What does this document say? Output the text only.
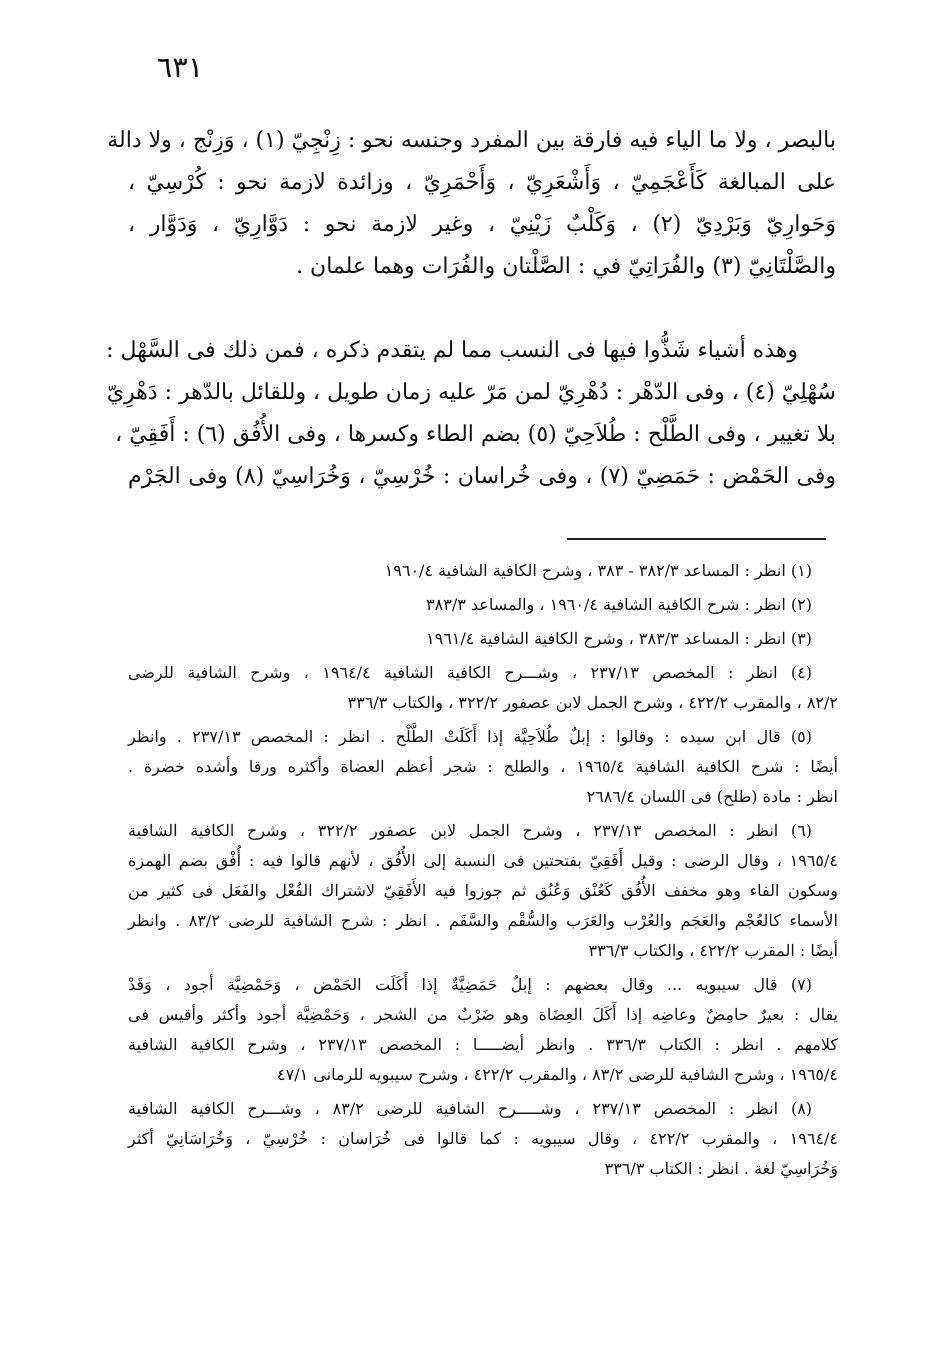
٦٣١
بالبصر ، ولا ما الياء فيه فارقة بين المفرد وجنسه نحو : زِنْجِيّ (١) ، وَزِنْج ، ولا دالة
على المبالغة كَأَعْجَمِيّ ، وَأَشْعَرِيّ ، وَأَحْمَرِيّ ، وزائدة لازمة نحو : كُرْسِيّ ،
وَحَوارِيّ وَبَرْدِيّ (٢) ، وَكَلْبٌ زَيْنِيّ ، وغير لازمة نحو : دَوَّارِيّ ، وَدَوَّار ،
والصَّلْتَانِيّ (٣) والفُرَاتِيّ في : الصَّلْتان والفُرَات وهما علمان .
وهذه أشياء شَذُّوا فيها فى النسب مما لم يتقدم ذكره ، فمن ذلك فى السَّهْل :
سُهْلِيّ (٤) ، وفى الدّهْر : دُهْرِيّ لمن مَرّ عليه زمان طويل ، وللقائل بالدّهر : دَهْرِيّ
بلا تغيير ، وفى الطَّلْح : طُلاَحِيّ (٥) بضم الطاء وكسرها ، وفى الأُفُق (٦) : أَفَقِيّ ،
وفى الحَمْض : حَمَضِيّ (٧) ، وفى خُراسان : خُرْسِيّ ، وَخُرَاسِيّ (٨) وفى الجَرْم
(١) انظر : المساعد ٣٨٢/٣ - ٣٨٣ ، وشرح الكافية الشافية ١٩٦٠/٤
(٢) انظر : شرح الكافية الشافية ١٩٦٠/٤ ، والمساعد ٣٨٣/٣
(٣) انظر : المساعد ٣٨٣/٣ ، وشرح الكافية الشافية ١٩٦١/٤
(٤) انظر : المخصص ٢٣٧/١٣ ، وشـــرح الكافية الشافية ١٩٦٤/٤ ، وشرح الشافية للرضى
٨٢/٢ ، والمقرب ٤٢٢/٢ ، وشرح الجمل لابن عصفور ٣٢٢/٢ ، والكتاب ٣٣٦/٣
(٥) قال ابن سيده : وقالوا : إبلٌ طُلاَحِيَّة إذا أَكَلَتْ الطَّلْح . انظر : المخصص ٢٣٧/١٣ . وانظر
أيضًا : شرح الكافية الشافية ١٩٦٥/٤ ، والطلح : شجر أعظم العضاة وأكثره ورقا وأشده خضرة .
انظر : مادة (طلح) فى اللسان ٢٦٨٦/٤
(٦) انظر : المخصص ٢٣٧/١٣ ، وشرح الجمل لابن عصفور ٣٢٢/٢ ، وشرح الكافية الشافية
١٩٦٥/٤ ، وقال الرضى : وقيل أَفَقِيّ بفتحتين فى النسبة إلى الأُفُق ، لأنهم قالوا فيه : أُفْق بضم الهمزة
وسكون الفاء وهو مخفف الأُفُق كَعُنْق وَعُنُق ثم جوزوا فيه الأَفَقِيّ لاشتراك الفُعْل والفَعَل فى كثير من
الأسماء كالعُجْم والعَجَم والعُرْب والعَرَب والسُّقْم والسَّقَم . انظر : شرح الشافية للرضى ٨٣/٢ . وانظر
أيضًا : المقرب ٤٢٢/٢ ، والكتاب ٣٣٦/٣
(٧) قال سيبويه ... وقال بعضهم : إبلٌ حَمَضِيَّةٌ إذا أَكَلَت الحَمْض ، وَحَمْضِيَّة أجود ، وَقَدْ
يقال : بعيرٌ حامِضٌ وعاضِه إذا أَكَلَ العِضَاة وهو ضَرْبٌ من الشجر ، وَحَمْضِيَّة أجود وأكثر وأقيس فى
كلامهم . انظر : الكتاب ٣٣٦/٣ . وانظر أيضـــــا : المخصص ٢٣٧/١٣ ، وشرح الكافية الشافية
١٩٦٥/٤ ، وشرح الشافية للرضى ٨٣/٢ ، والمقرب ٤٢٢/٢ ، وشرح سيبويه للرمانى ٤٧/١
(٨) انظر : المخصص ٢٣٧/١٣ ، وشـــــرح الشافية للرضى ٨٣/٢ ، وشـــرح الكافية الشافية
١٩٦٤/٤ ، والمقرب ٤٢٢/٢ ، وقال سيبويه : كما قالوا فى خُرَاسان : خُرْسِيّ ، وَخُرَاسَانِيّ أكثر
وَخُرَاسِيّ لغة . انظر : الكتاب ٣٣٦/٣
